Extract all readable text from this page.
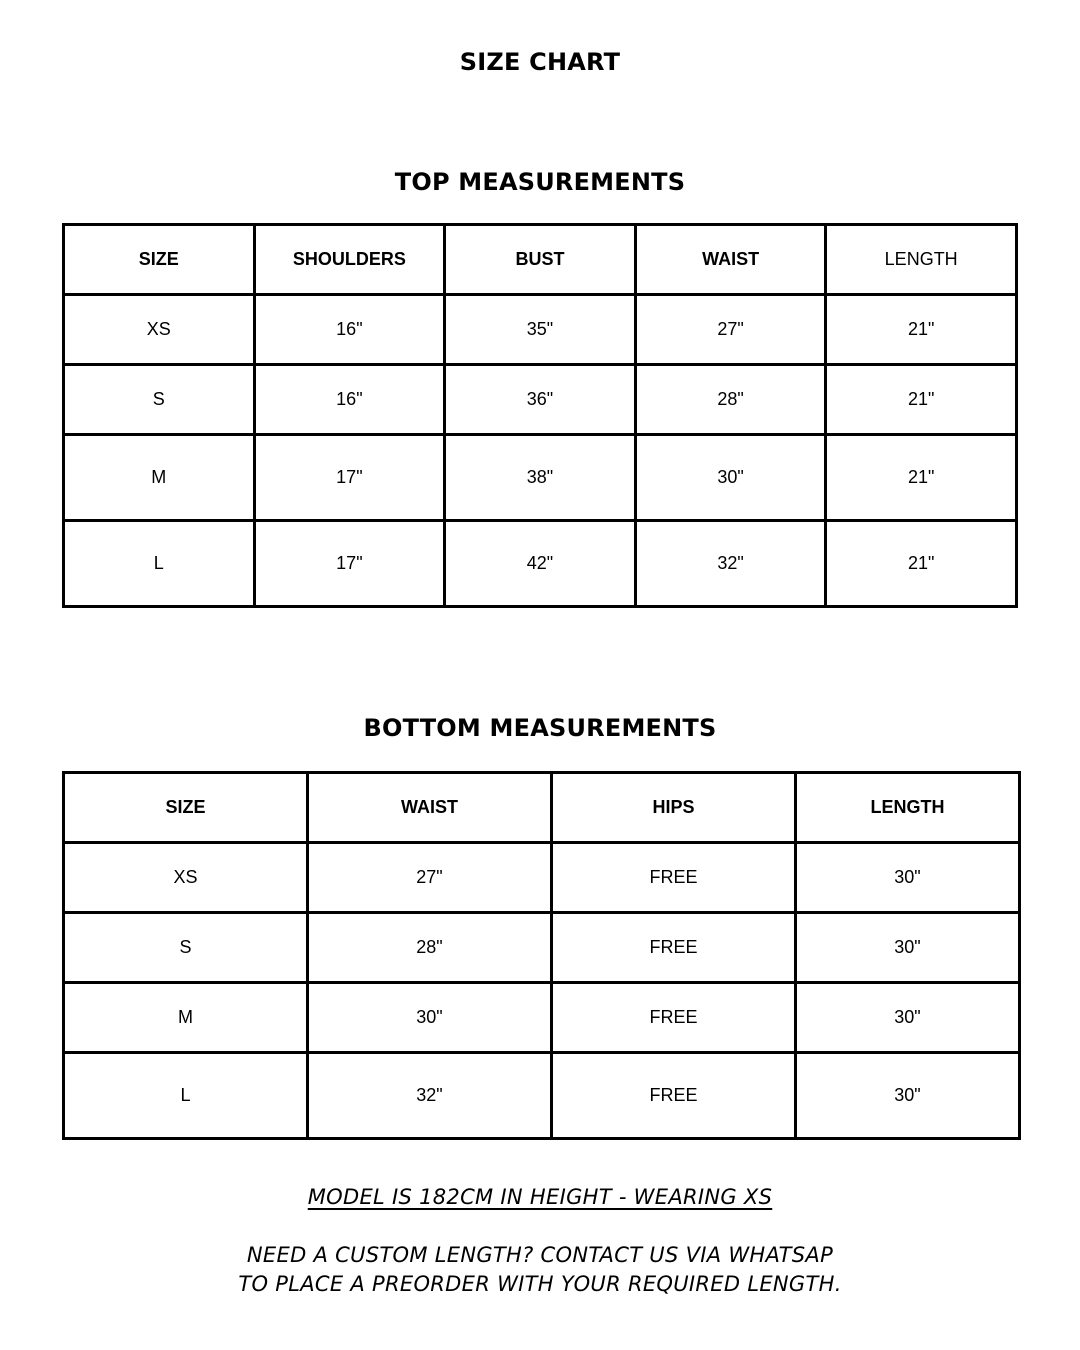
SIZE CHART
TOP MEASUREMENTS
SIZE	SHOULDERS	BUST	WAIST	LENGTH
XS	16"	35"	27"	21"
S	16"	36"	28"	21"
M	17"	38"	30"	21"
L	17"	42"	32"	21"
BOTTOM MEASUREMENTS
SIZE	WAIST	HIPS	LENGTH
XS	27"	FREE	30"
S	28"	FREE	30"
M	30"	FREE	30"
L	32"	FREE	30"
MODEL IS 182CM IN HEIGHT - WEARING XS
NEED A CUSTOM LENGTH? CONTACT US VIA WHATSAP
TO PLACE A PREORDER WITH YOUR REQUIRED LENGTH.
